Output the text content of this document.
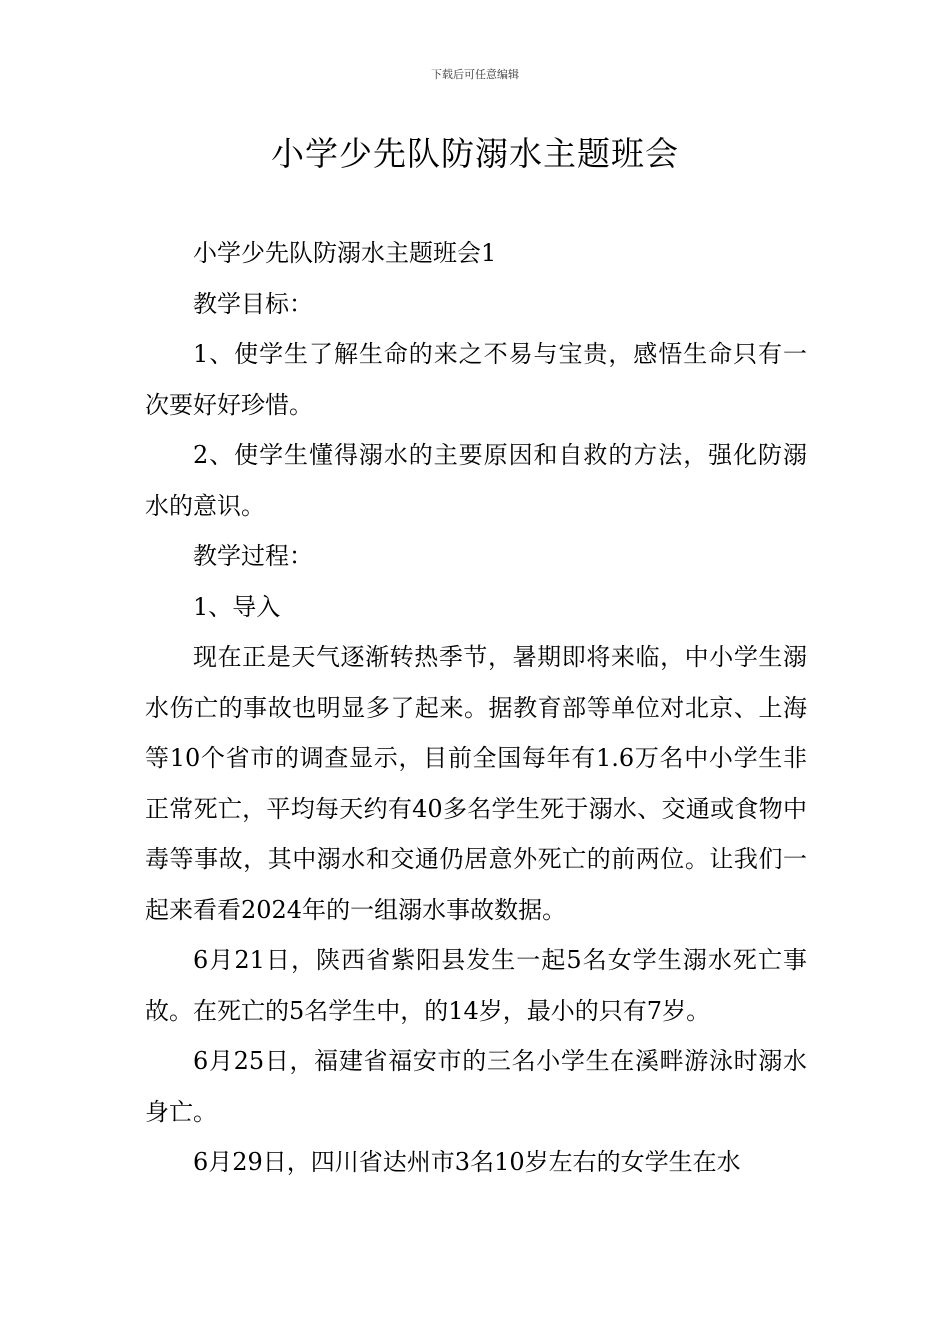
下载后可任意编辑
小学少先队防溺水主题班会

小学少先队防溺水主题班会1

教学目标：

1、使学生了解生命的来之不易与宝贵，感悟生命只有一次要好好珍惜。

2、使学生懂得溺水的主要原因和自救的方法，强化防溺水的意识。

教学过程：

1、导入

现在正是天气逐渐转热季节，暑期即将来临，中小学生溺水伤亡的事故也明显多了起来。据教育部等单位对北京、上海等10个省市的调查显示，目前全国每年有1.6万名中小学生非正常死亡，平均每天约有40多名学生死于溺水、交通或食物中毒等事故，其中溺水和交通仍居意外死亡的前两位。让我们一起来看看2024年的一组溺水事故数据。

6月21日，陕西省紫阳县发生一起5名女学生溺水死亡事故。在死亡的5名学生中，的14岁，最小的只有7岁。

6月25日，福建省福安市的三名小学生在溪畔游泳时溺水身亡。

6月29日，四川省达州市3名10岁左右的女学生在水
